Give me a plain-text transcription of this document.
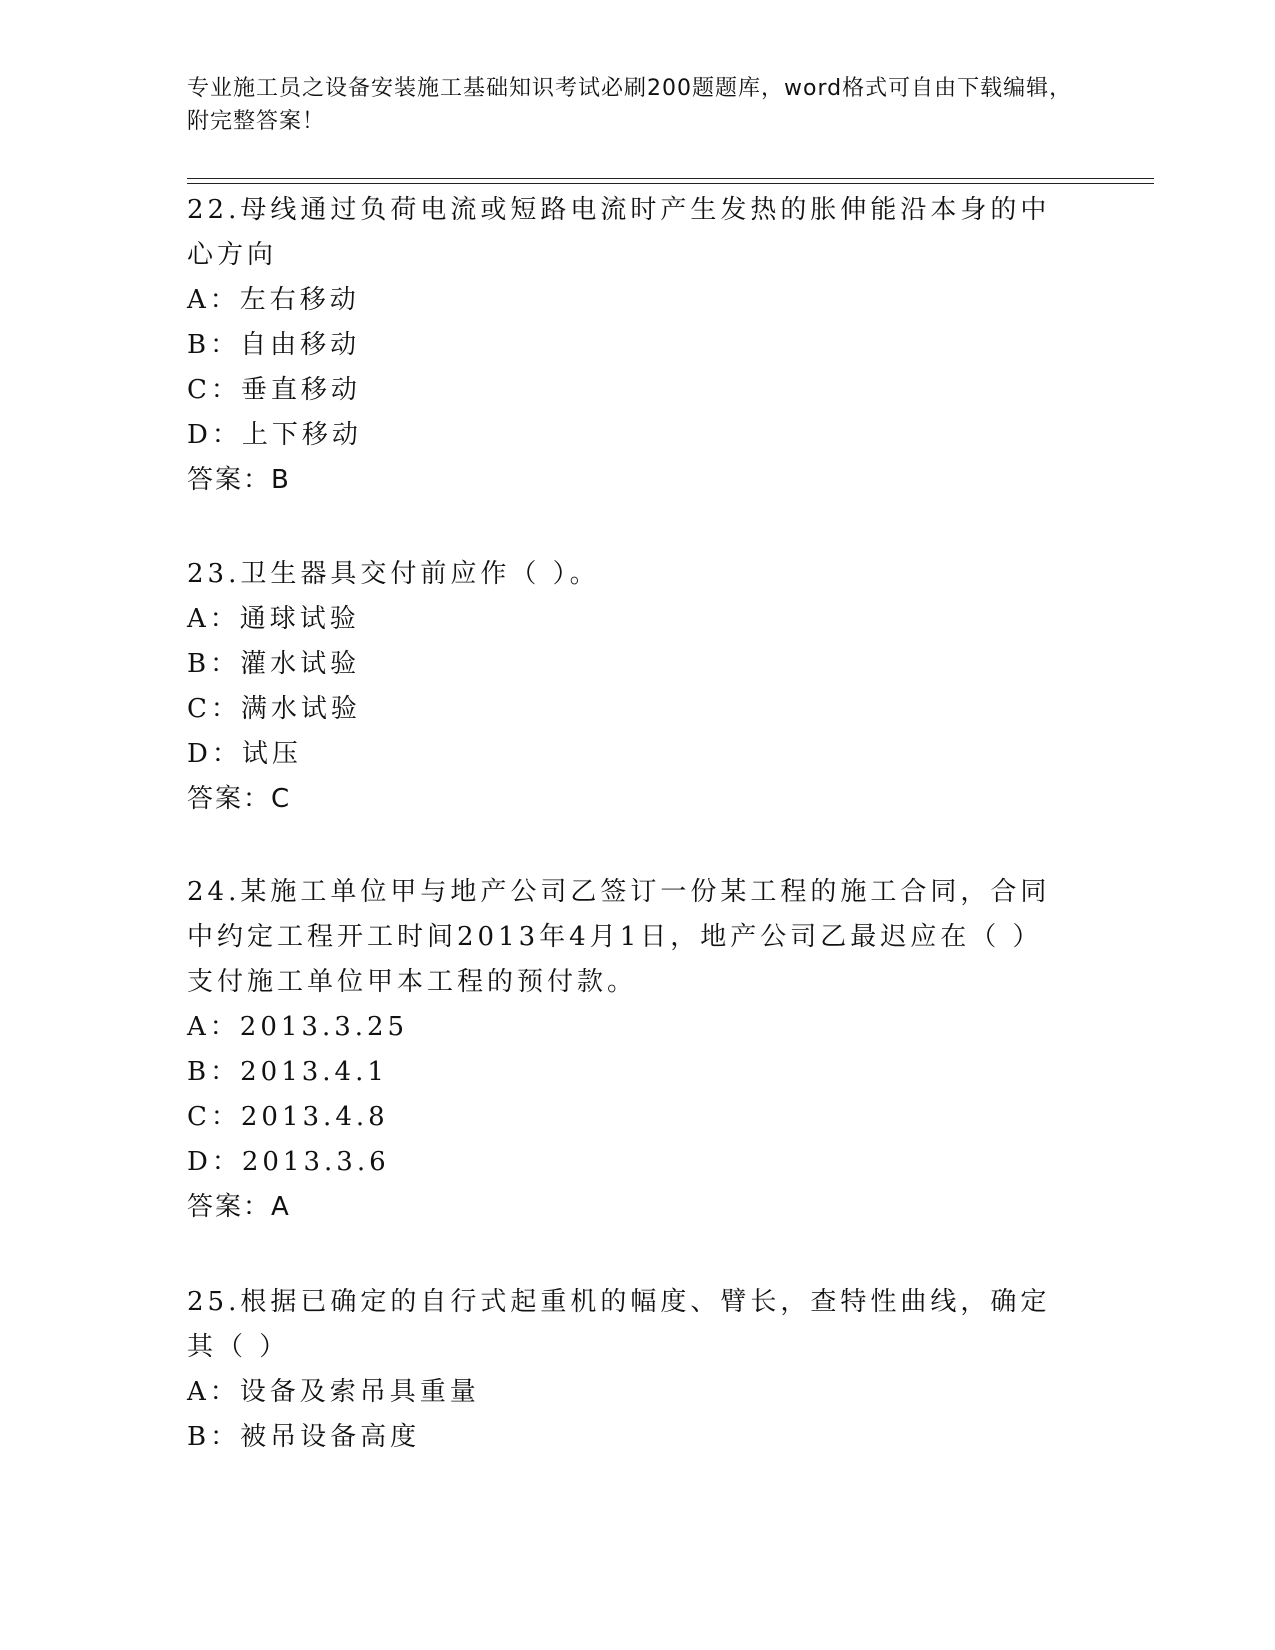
专业施工员之设备安装施工基础知识考试必刷200题题库，word格式可自由下载编辑，附完整答案！

22.母线通过负荷电流或短路电流时产生发热的胀伸能沿本身的中心方向

A：左右移动

B：自由移动

C：垂直移动

D：上下移动

答案：B

23.卫生器具交付前应作（ ）。

A：通球试验

B：灌水试验

C：满水试验

D：试压

答案：C

24.某施工单位甲与地产公司乙签订一份某工程的施工合同，合同中约定工程开工时间2013年4月1日，地产公司乙最迟应在（ ）支付施工单位甲本工程的预付款。

A：2013.3.25

B：2013.4.1

C：2013.4.8

D：2013.3.6

答案：A

25.根据已确定的自行式起重机的幅度、臂长，查特性曲线，确定其（ ）

A：设备及索吊具重量

B：被吊设备高度
